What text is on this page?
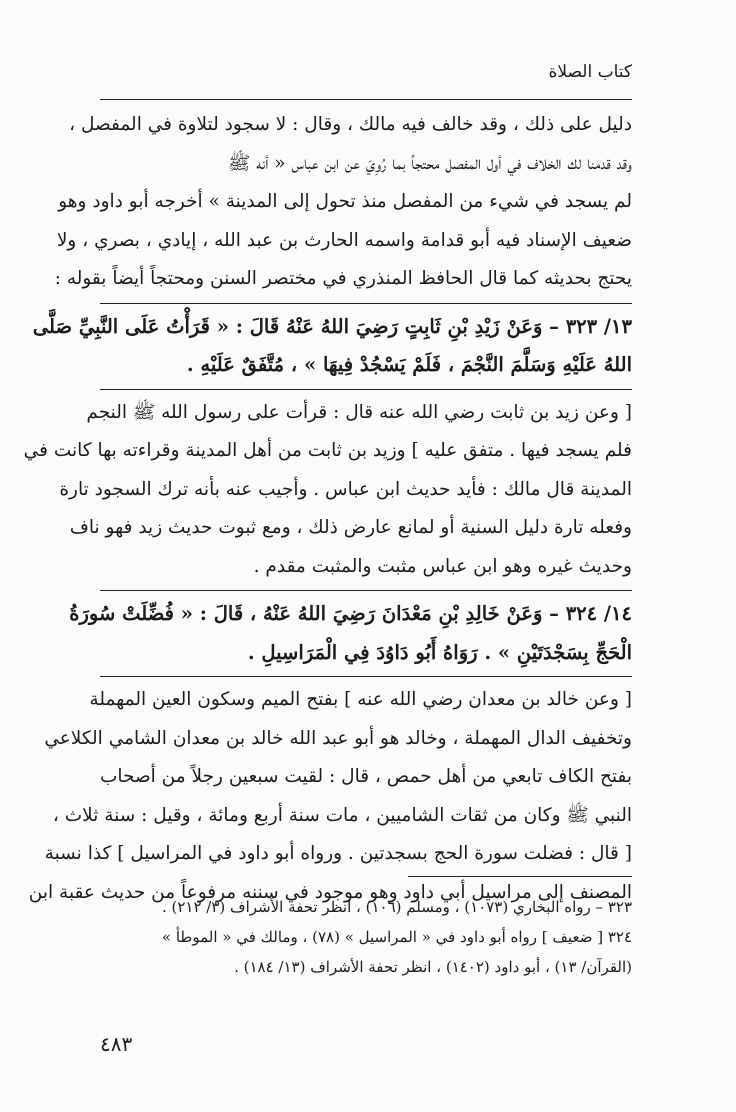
كتاب الصلاة
دليل على ذلك ، وقد خالف فيه مالك ، وقال : لا سجود لتلاوة في المفصل ،
وقد قدمنا لك الخلاف في أول المفصل محتجاً بما رُوِيَ عن ابن عباس « أنه ﷺ
لم يسجد في شيء من المفصل منذ تحول إلى المدينة » أخرجه أبو داود وهو
ضعيف الإسناد فيه أبو قدامة واسمه الحارث بن عبد الله ، إيادي ، بصري ، ولا
يحتج بحديثه كما قال الحافظ المنذري في مختصر السنن ومحتجاً أيضاً بقوله :
١٣/ ٣٢٣ – وَعَنْ زَيْدِ بْنِ ثَابِتٍ رَضِيَ اللهُ عَنْهُ قَالَ : « قَرَأْتُ عَلَى النَّبِيِّ صَلَّى
اللهُ عَلَيْهِ وَسَلَّمَ النَّجْمَ ، فَلَمْ يَسْجُدْ فِيهَا » ، مُتَّفَقٌ عَلَيْهِ .
[ وعن زيد بن ثابت رضي الله عنه قال : قرأت على رسول الله ﷺ النجم
فلم يسجد فيها . متفق عليه ] وزيد بن ثابت من أهل المدينة وقراءته بها كانت في
المدينة قال مالك : فأيد حديث ابن عباس . وأجيب عنه بأنه ترك السجود تارة
وفعله تارة دليل السنية أو لمانع عارض ذلك ، ومع ثبوت حديث زيد فهو ناف
وحديث غيره وهو ابن عباس مثبت والمثبت مقدم .
١٤/ ٣٢٤ – وَعَنْ خَالِدِ بْنِ مَعْدَانَ رَضِيَ اللهُ عَنْهُ ، قَالَ : « فُضِّلَتْ سُورَةُ
الْحَجِّ بِسَجْدَتَيْنِ » . رَوَاهُ أَبُو دَاوُدَ فِي الْمَرَاسِيلِ .
[ وعن خالد بن معدان رضي الله عنه ] بفتح الميم وسكون العين المهملة
وتخفيف الدال المهملة ، وخالد هو أبو عبد الله خالد بن معدان الشامي الكلاعي
بفتح الكاف تابعي من أهل حمص ، قال : لقيت سبعين رجلاً من أصحاب
النبي ﷺ وكان من ثقات الشاميين ، مات سنة أربع ومائة ، وقيل : سنة ثلاث ،
[ قال : فضلت سورة الحج بسجدتين . ورواه أبو داود في المراسيل ] كذا نسبة
المصنف إلى مراسيل أبي داود وهو موجود في سننه مرفوعاً من حديث عقبة ابن
٣٢٣ – رواه البخاري (١٠٧٣) ، ومسلم (١٠٦) ، انظر تحفة الأشراف (٣/ ٢١٢) .
٣٢٤ [ ضعيف ] رواه أبو داود في « المراسيل » (٧٨) ، ومالك في « الموطأ »
(القرآن/ ١٣) ، أبو داود (١٤٠٢) ، انظر تحفة الأشراف (١٣/ ١٨٤) .
٤٨٣
